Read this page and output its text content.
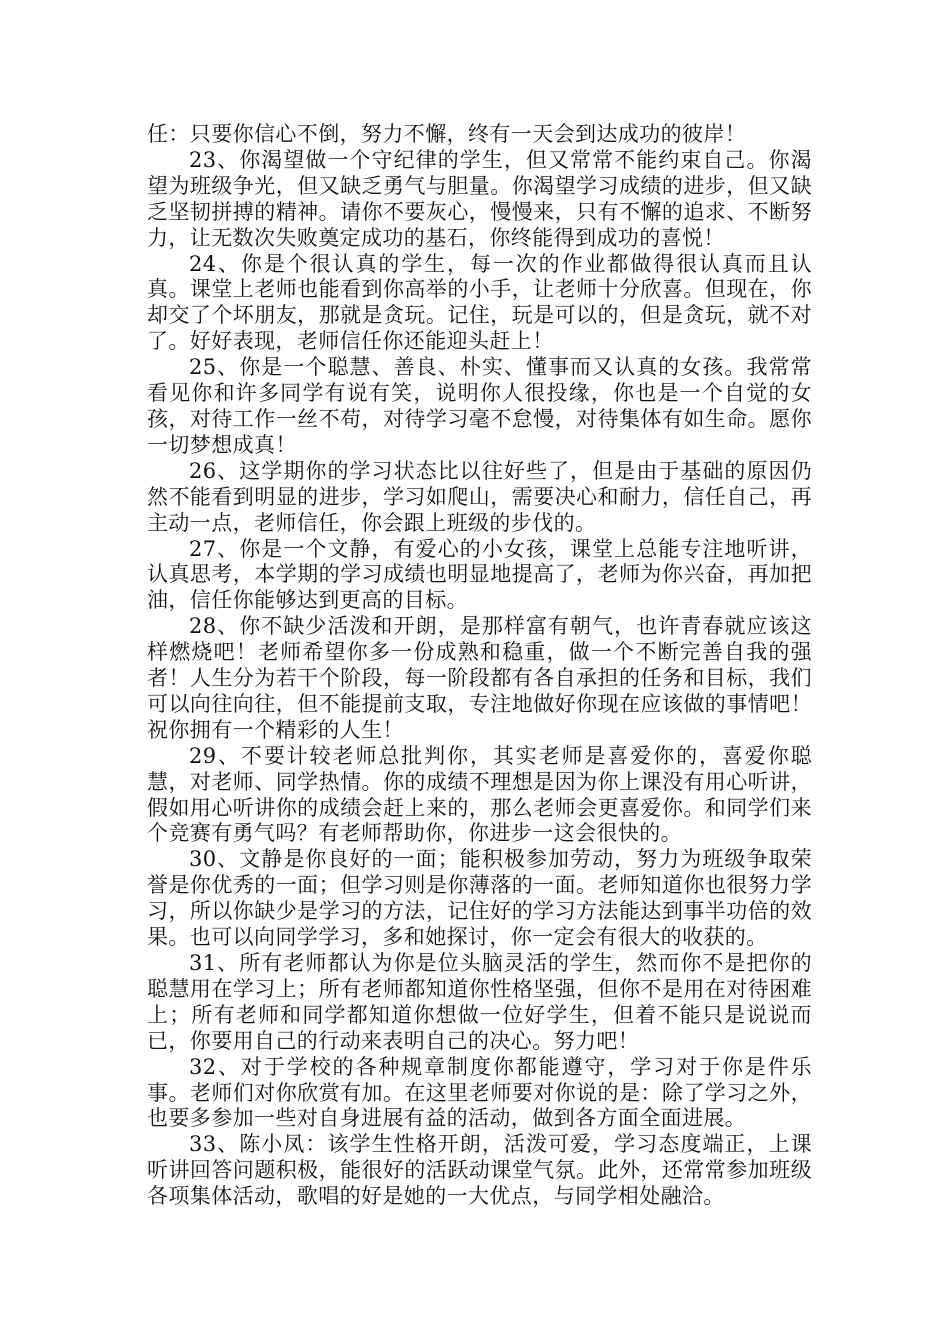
任：只要你信心不倒，努力不懈，终有一天会到达成功的彼岸！

23、你渴望做一个守纪律的学生，但又常常不能约束自己。你渴望为班级争光，但又缺乏勇气与胆量。你渴望学习成绩的进步，但又缺乏坚韧拼搏的精神。请你不要灰心，慢慢来，只有不懈的追求、不断努力，让无数次失败奠定成功的基石，你终能得到成功的喜悦！

24、你是个很认真的学生，每一次的作业都做得很认真而且认真。课堂上老师也能看到你高举的小手，让老师十分欣喜。但现在，你却交了个坏朋友，那就是贪玩。记住，玩是可以的，但是贪玩，就不对了。好好表现，老师信任你还能迎头赶上！

25、你是一个聪慧、善良、朴实、懂事而又认真的女孩。我常常看见你和许多同学有说有笑，说明你人很投缘，你也是一个自觉的女孩，对待工作一丝不苟，对待学习毫不怠慢，对待集体有如生命。愿你一切梦想成真！

26、这学期你的学习状态比以往好些了，但是由于基础的原因仍然不能看到明显的进步，学习如爬山，需要决心和耐力，信任自己，再主动一点，老师信任，你会跟上班级的步伐的。

27、你是一个文静，有爱心的小女孩，课堂上总能专注地听讲，认真思考，本学期的学习成绩也明显地提高了，老师为你兴奋，再加把油，信任你能够达到更高的目标。

28、你不缺少活泼和开朗，是那样富有朝气，也许青春就应该这样燃烧吧！老师希望你多一份成熟和稳重，做一个不断完善自我的强者！人生分为若干个阶段，每一阶段都有各自承担的任务和目标，我们可以向往向往，但不能提前支取，专注地做好你现在应该做的事情吧！祝你拥有一个精彩的人生！

29、不要计较老师总批判你，其实老师是喜爱你的，喜爱你聪慧，对老师、同学热情。你的成绩不理想是因为你上课没有用心听讲，假如用心听讲你的成绩会赶上来的，那么老师会更喜爱你。和同学们来个竞赛有勇气吗？有老师帮助你，你进步一这会很快的。

30、文静是你良好的一面；能积极参加劳动，努力为班级争取荣誉是你优秀的一面；但学习则是你薄落的一面。老师知道你也很努力学习，所以你缺少是学习的方法，记住好的学习方法能达到事半功倍的效果。也可以向同学学习，多和她探讨，你一定会有很大的收获的。

31、所有老师都认为你是位头脑灵活的学生，然而你不是把你的聪慧用在学习上；所有老师都知道你性格坚强，但你不是用在对待困难上；所有老师和同学都知道你想做一位好学生，但着不能只是说说而已，你要用自己的行动来表明自己的决心。努力吧！

32、对于学校的各种规章制度你都能遵守，学习对于你是件乐事。老师们对你欣赏有加。在这里老师要对你说的是：除了学习之外，也要多参加一些对自身进展有益的活动，做到各方面全面进展。

33、陈小凤：该学生性格开朗，活泼可爱，学习态度端正，上课听讲回答问题积极，能很好的活跃动课堂气氛。此外，还常常参加班级各项集体活动，歌唱的好是她的一大优点，与同学相处融洽。
